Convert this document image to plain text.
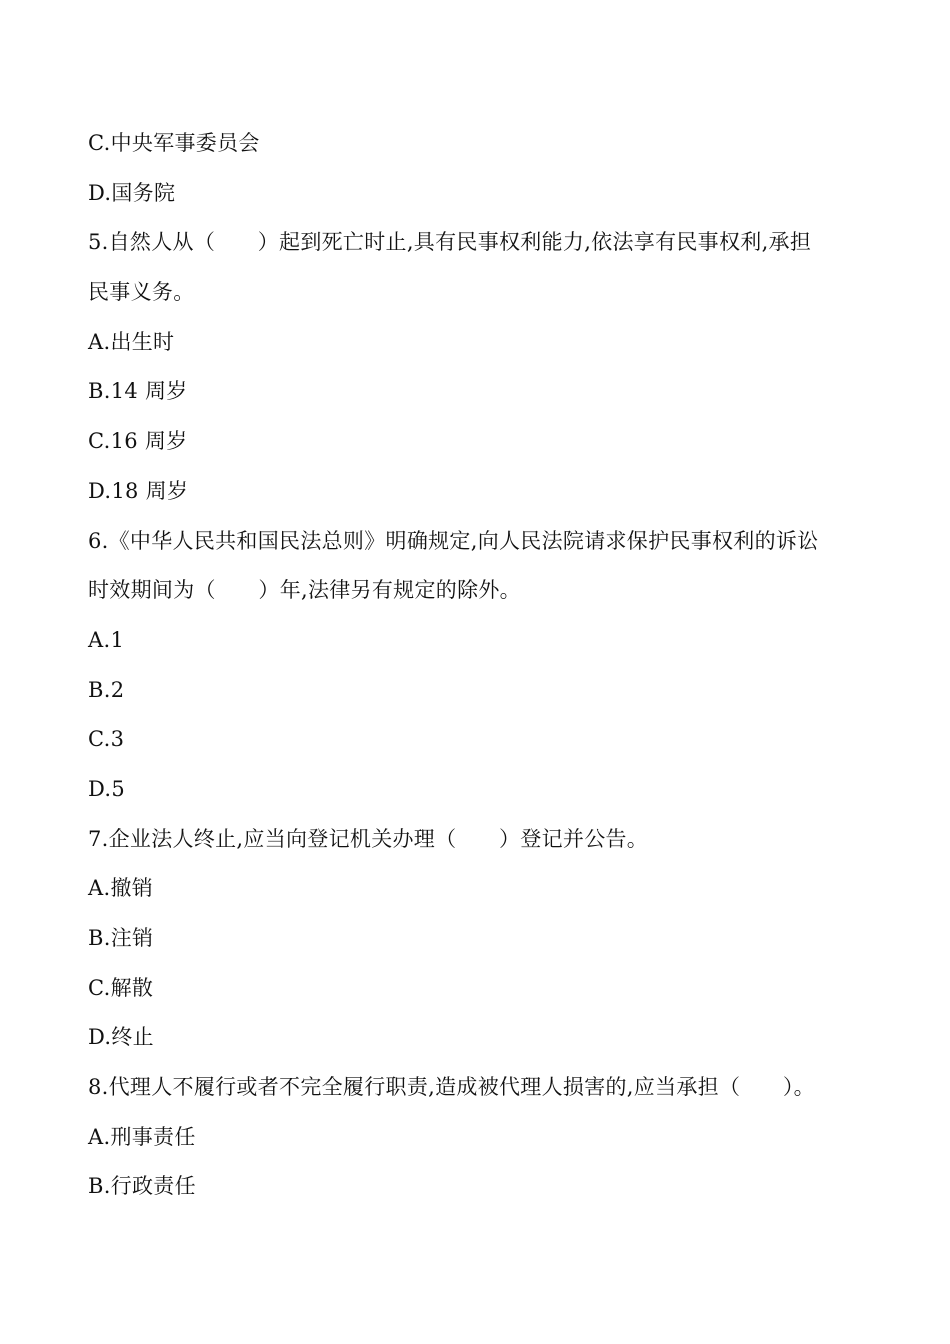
C.中央军事委员会
D.国务院
5.自然人从（　　）起到死亡时止,具有民事权利能力,依法享有民事权利,承担
民事义务。
A.出生时
B.14 周岁
C.16 周岁
D.18 周岁
6.《中华人民共和国民法总则》明确规定,向人民法院请求保护民事权利的诉讼
时效期间为（　　）年,法律另有规定的除外。
A.1
B.2
C.3
D.5
7.企业法人终止,应当向登记机关办理（　　）登记并公告。
A.撤销
B.注销
C.解散
D.终止
8.代理人不履行或者不完全履行职责,造成被代理人损害的,应当承担（　　）。
A.刑事责任
B.行政责任
